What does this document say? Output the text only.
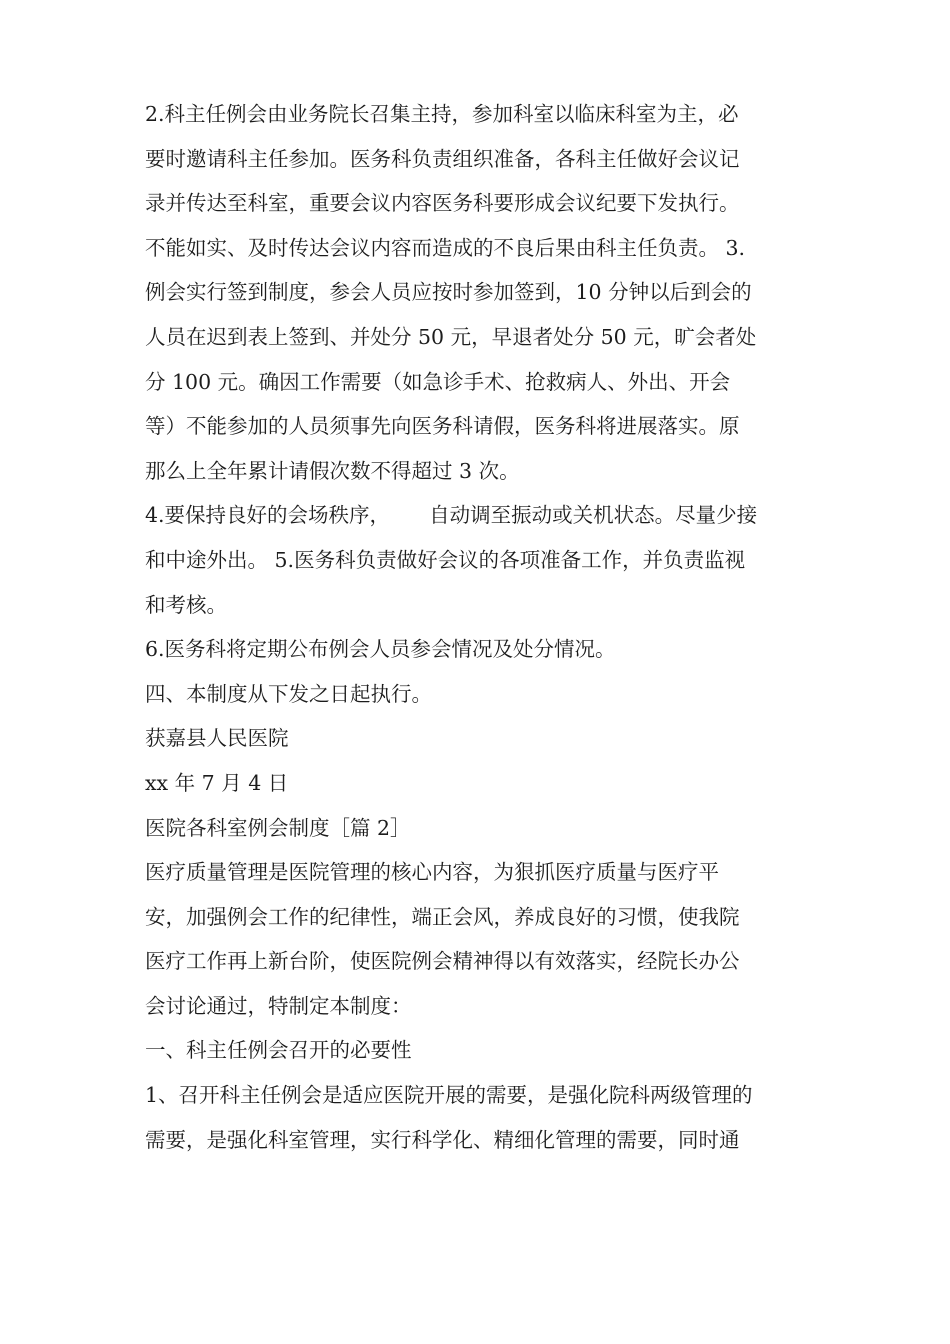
2.科主任例会由业务院长召集主持，参加科室以临床科室为主，必
要时邀请科主任参加。医务科负责组织准备，各科主任做好会议记
录并传达至科室，重要会议内容医务科要形成会议纪要下发执行。
不能如实、及时传达会议内容而造成的不良后果由科主任负责。 3.
例会实行签到制度，参会人员应按时参加签到，10 分钟以后到会的
人员在迟到表上签到、并处分 50 元，早退者处分 50 元，旷会者处
分 100 元。确因工作需要（如急诊手术、抢救病人、外出、开会
等）不能参加的人员须事先向医务科请假，医务科将进展落实。原
那么上全年累计请假次数不得超过 3 次。
4.要保持良好的会场秩序，      自动调至振动或关机状态。尽量少接
和中途外出。 5.医务科负责做好会议的各项准备工作，并负责监视
和考核。
6.医务科将定期公布例会人员参会情况及处分情况。
四、本制度从下发之日起执行。
获嘉县人民医院
xx 年 7 月 4 日
医院各科室例会制度［篇 2］
医疗质量管理是医院管理的核心内容，为狠抓医疗质量与医疗平
安，加强例会工作的纪律性，端正会风，养成良好的习惯，使我院
医疗工作再上新台阶，使医院例会精神得以有效落实，经院长办公
会讨论通过，特制定本制度：
一、科主任例会召开的必要性
1、召开科主任例会是适应医院开展的需要，是强化院科两级管理的
需要，是强化科室管理，实行科学化、精细化管理的需要，同时通
